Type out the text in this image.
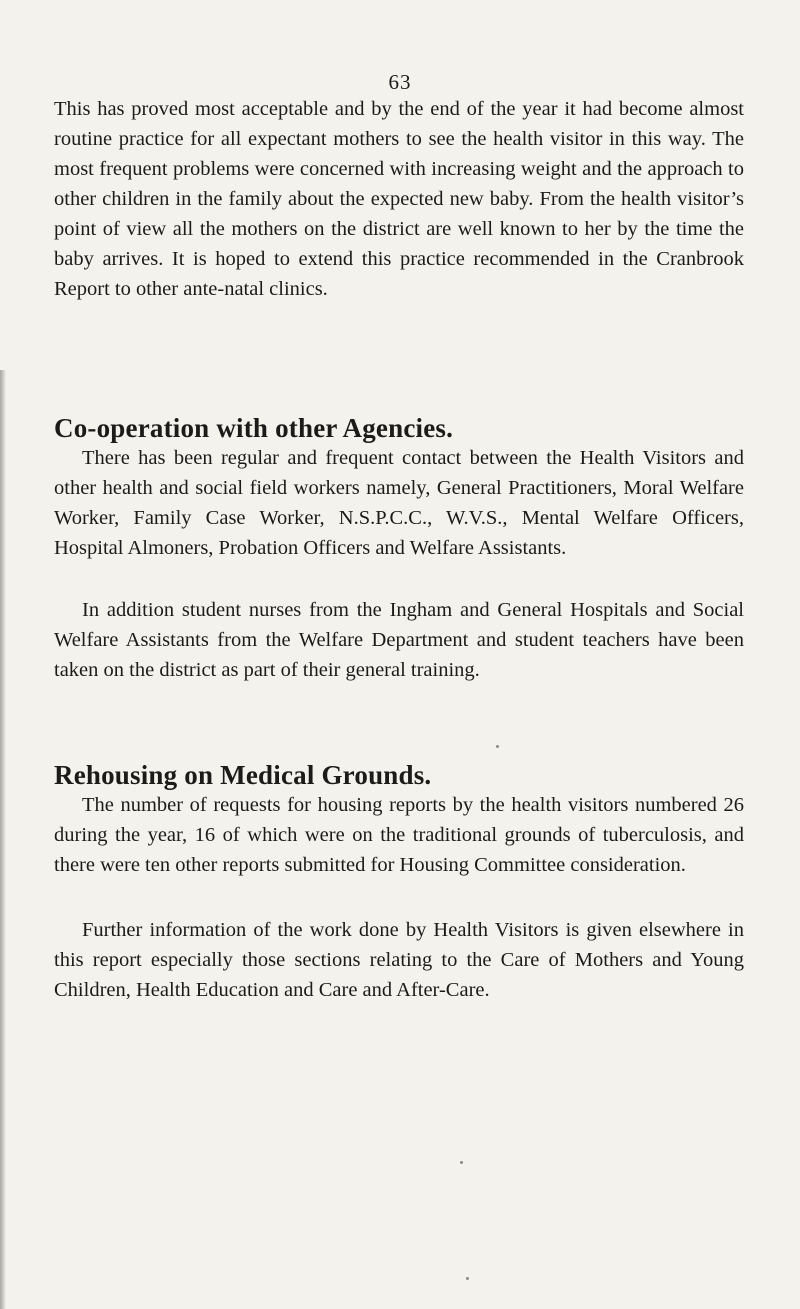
63

This has proved most acceptable and by the end of the year it had become almost routine practice for all expectant mothers to see the health visitor in this way. The most frequent problems were concerned with increasing weight and the approach to other children in the family about the expected new baby. From the health visitor’s point of view all the mothers on the district are well known to her by the time the baby arrives. It is hoped to extend this practice recommended in the Cranbrook Report to other ante-natal clinics.

Co-operation with other Agencies.

There has been regular and frequent contact between the Health Visitors and other health and social field workers namely, General Practitioners, Moral Welfare Worker, Family Case Worker, N.S.P.C.C., W.V.S., Mental Welfare Officers, Hospital Almoners, Probation Officers and Welfare Assistants.

In addition student nurses from the Ingham and General Hospitals and Social Welfare Assistants from the Welfare Department and student teachers have been taken on the district as part of their general training.

Rehousing on Medical Grounds.

The number of requests for housing reports by the health visitors numbered 26 during the year, 16 of which were on the traditional grounds of tuberculosis, and there were ten other reports submitted for Housing Committee consideration.

Further information of the work done by Health Visitors is given elsewhere in this report especially those sections relating to the Care of Mothers and Young Children, Health Education and Care and After-Care.
